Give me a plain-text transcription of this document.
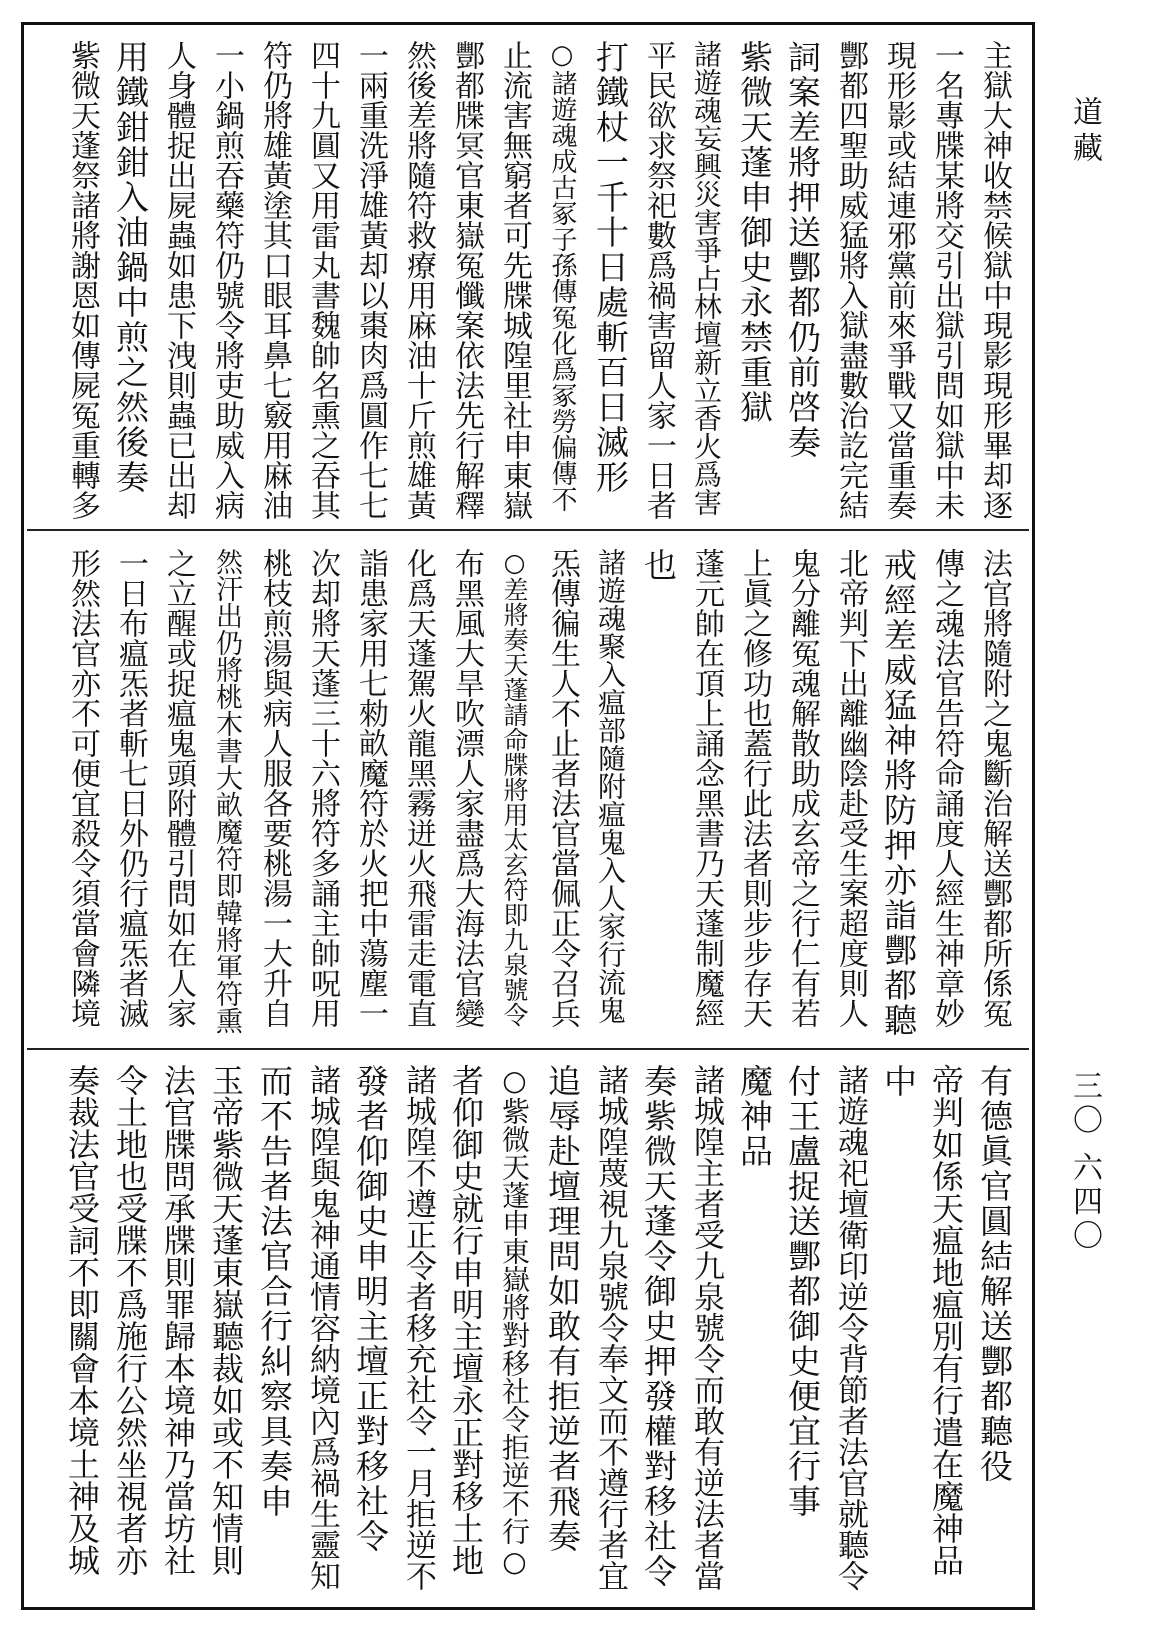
主獄大神收禁候獄中現影現形畢却逐
一名專牒某將交引出獄引問如獄中未
現形影或結連邪黨前來爭戰又當重奏
酆都四聖助威猛將入獄盡數治訖完結
詞案差將押送酆都仍前啓奏
紫微天蓬申御史永禁重獄
諸遊魂妄興災害爭占林壇新立香火爲害
平民欲求祭祀數爲禍害留人家一日者
打鐵杖一千十日處斬百日滅形
○諸遊魂成古冢子孫傳冤化爲冢勞偏傳不
止流害無窮者可先牒城隍里社申東嶽
酆都牒冥官東嶽冤懺案依法先行解釋
然後差將隨符救療用麻油十斤煎雄黃
一兩重洗淨雄黃却以棗肉爲圓作七七
四十九圓又用雷丸書魏帥名熏之吞其
符仍將雄黃塗其口眼耳鼻七竅用麻油
一小鍋煎吞藥符仍號令將吏助威入病
人身體捉出屍蟲如患下洩則蟲已出却
用鐵鉗鉗入油鍋中煎之然後奏
紫微天蓬祭諸將謝恩如傳屍冤重轉多
法官將隨附之鬼斷治解送酆都所係冤
傳之魂法官告符命誦度人經生神章妙
戒經差威猛神將防押亦詣酆都聽
北帝判下出離幽陰赴受生案超度則人
鬼分離冤魂解散助成玄帝之行仁有若
上眞之修功也蓋行此法者則步步存天
蓬元帥在頂上誦念黑書乃天蓬制魔經
也
諸遊魂聚入瘟部隨附瘟鬼入人家行流鬼
炁傳徧生人不止者法官當佩正令召兵
○差將奏天蓬請命牒將用太玄符即九泉號令
布黑風大旱吹漂人家盡爲大海法官變
化爲天蓬駕火龍黑霧迸火飛雷走電直
詣患家用七勑畝魔符於火把中蕩塵一
次却將天蓬三十六將符多誦主帥呪用
桃枝煎湯與病人服各要桃湯一大升自
然汗出仍將桃木書大畝魔符即韓將軍符熏
之立醒或捉瘟鬼頭附體引問如在人家
一日布瘟炁者斬七日外仍行瘟炁者滅
形然法官亦不可便宜殺令須當會隣境
有德眞官圓結解送酆都聽役
帝判如係天瘟地瘟別有行遣在魔神品
中
諸遊魂祀壇衛印逆令背節者法官就聽令
付王盧捉送酆都御史便宜行事
魔神品
諸城隍主者受九泉號令而敢有逆法者當
奏紫微天蓬令御史押發權對移社令
諸城隍蔑視九泉號令奉文而不遵行者宜
追辱赴壇理問如敢有拒逆者飛奏
○紫微天蓬申東嶽將對移社令拒逆不行○
者仰御史就行申明主壇永正對移土地
諸城隍不遵正令者移充社令一月拒逆不
發者仰御史申明主壇正對移社令
諸城隍與鬼神通情容納境內爲禍生靈知
而不告者法官合行糾察具奏申
玉帝紫微天蓬東嶽聽裁如或不知情則
法官牒問承牒則罪歸本境神乃當坊社
令土地也受牒不爲施行公然坐視者亦
奏裁法官受詞不即關會本境土神及城
道藏
三〇 六四〇
